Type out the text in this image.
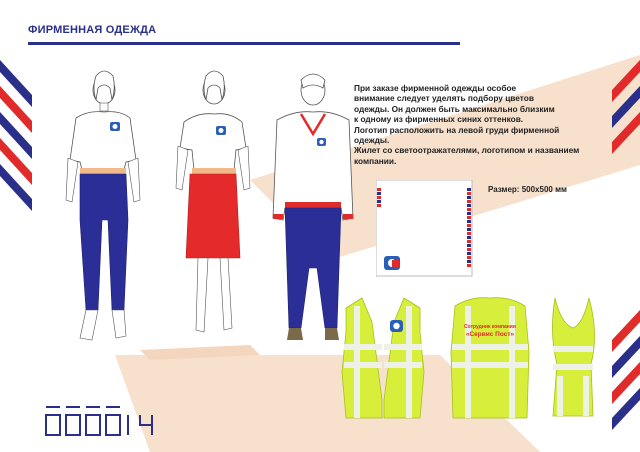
ФИРМЕННАЯ ОДЕЖДА

При заказе фирменной одежды особое

внимание следует уделять подбору цветов

одежды. Он должен быть максимально близким

к одному из фирменных синих оттенков.

Логотип расположить на левой груди фирменной

одежды.

Жилет со светоотражателями, логотипом и названием

компании.

Размер: 500x500 мм
Сотрудник компании
«Сервис Пост»
